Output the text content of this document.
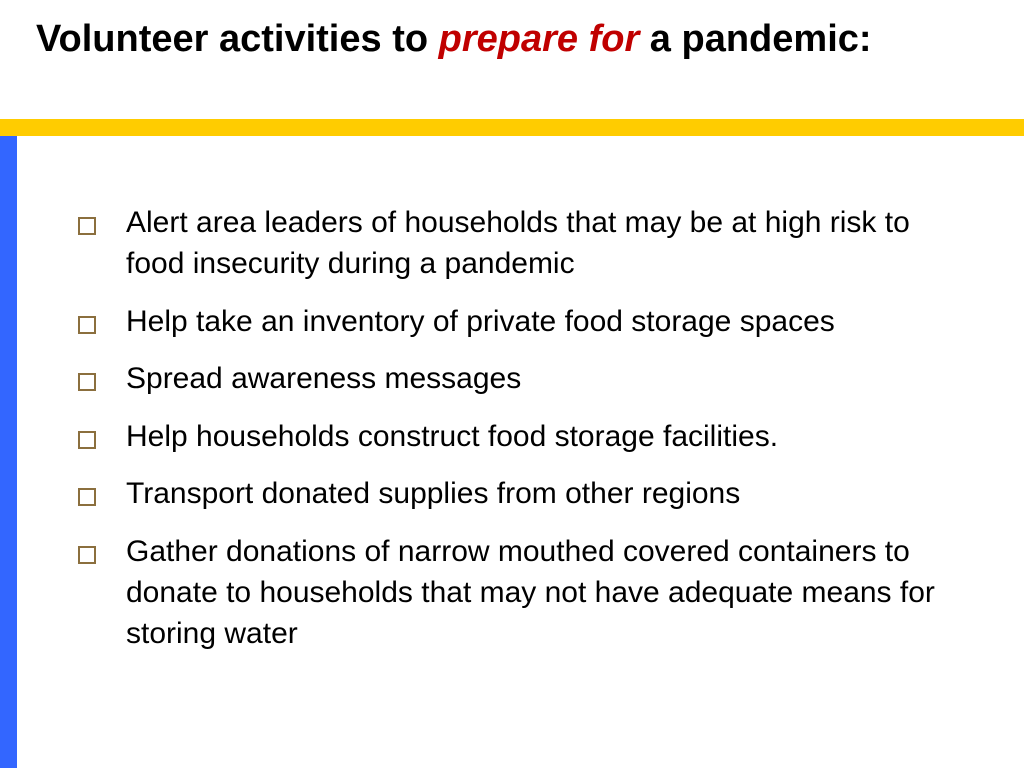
Volunteer activities to prepare for a pandemic:
Alert area leaders of households that may be at high risk to food insecurity during a pandemic
Help take an inventory of private food storage spaces
Spread awareness messages
Help households construct food storage facilities.
Transport donated supplies from other regions
Gather donations of narrow mouthed covered containers to donate to households that may not have adequate means for storing water
